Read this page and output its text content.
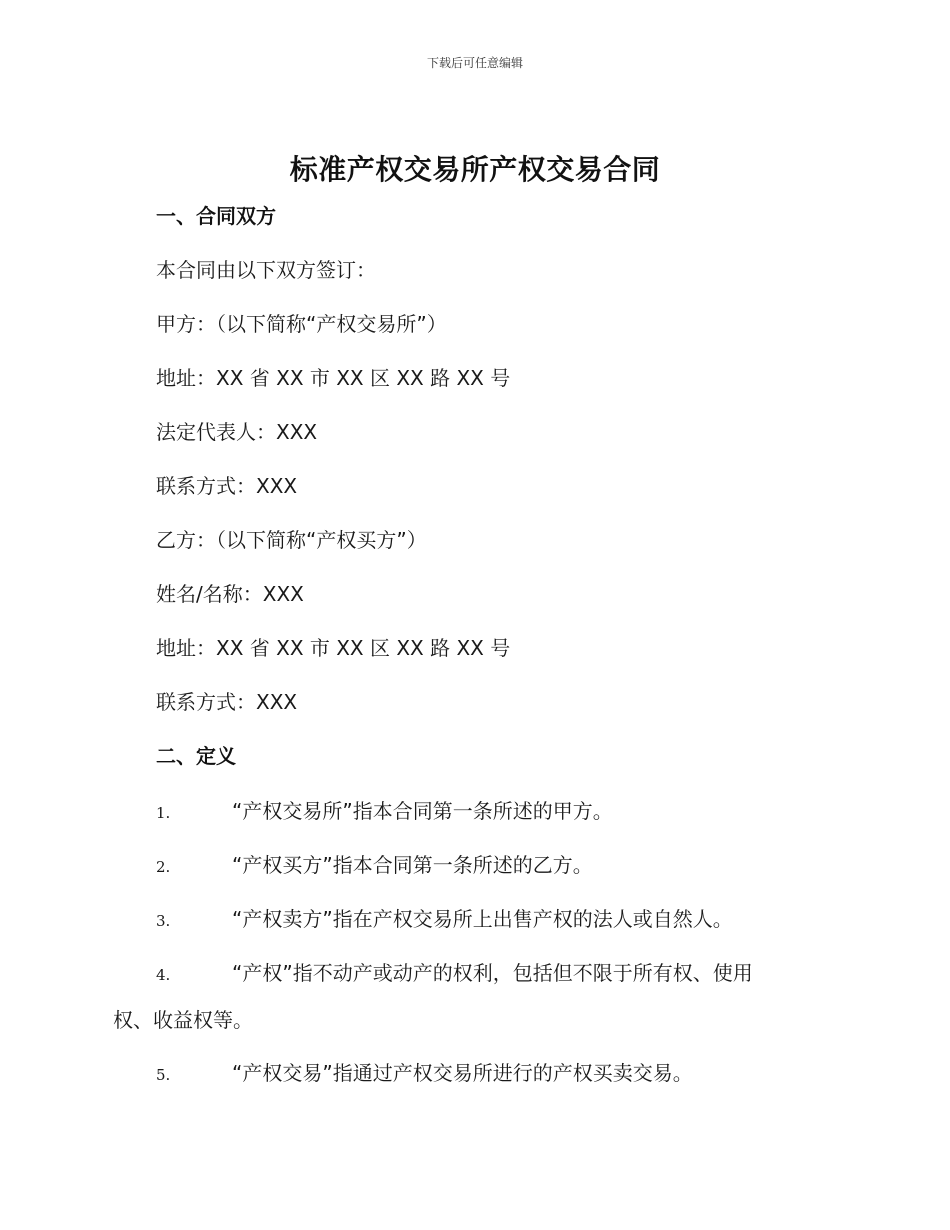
下载后可任意编辑
标准产权交易所产权交易合同
一、合同双方
本合同由以下双方签订：
甲方：（以下简称“产权交易所”）
地址：XX 省 XX 市 XX 区 XX 路 XX 号
法定代表人：XXX
联系方式：XXX
乙方：（以下简称“产权买方”）
姓名/名称：XXX
地址：XX 省 XX 市 XX 区 XX 路 XX 号
联系方式：XXX
二、定义
1.	“产权交易所”指本合同第一条所述的甲方。
2.	“产权买方”指本合同第一条所述的乙方。
3.	“产权卖方”指在产权交易所上出售产权的法人或自然人。
4.	“产权”指不动产或动产的权利，包括但不限于所有权、使用
权、收益权等。
5.	“产权交易”指通过产权交易所进行的产权买卖交易。
